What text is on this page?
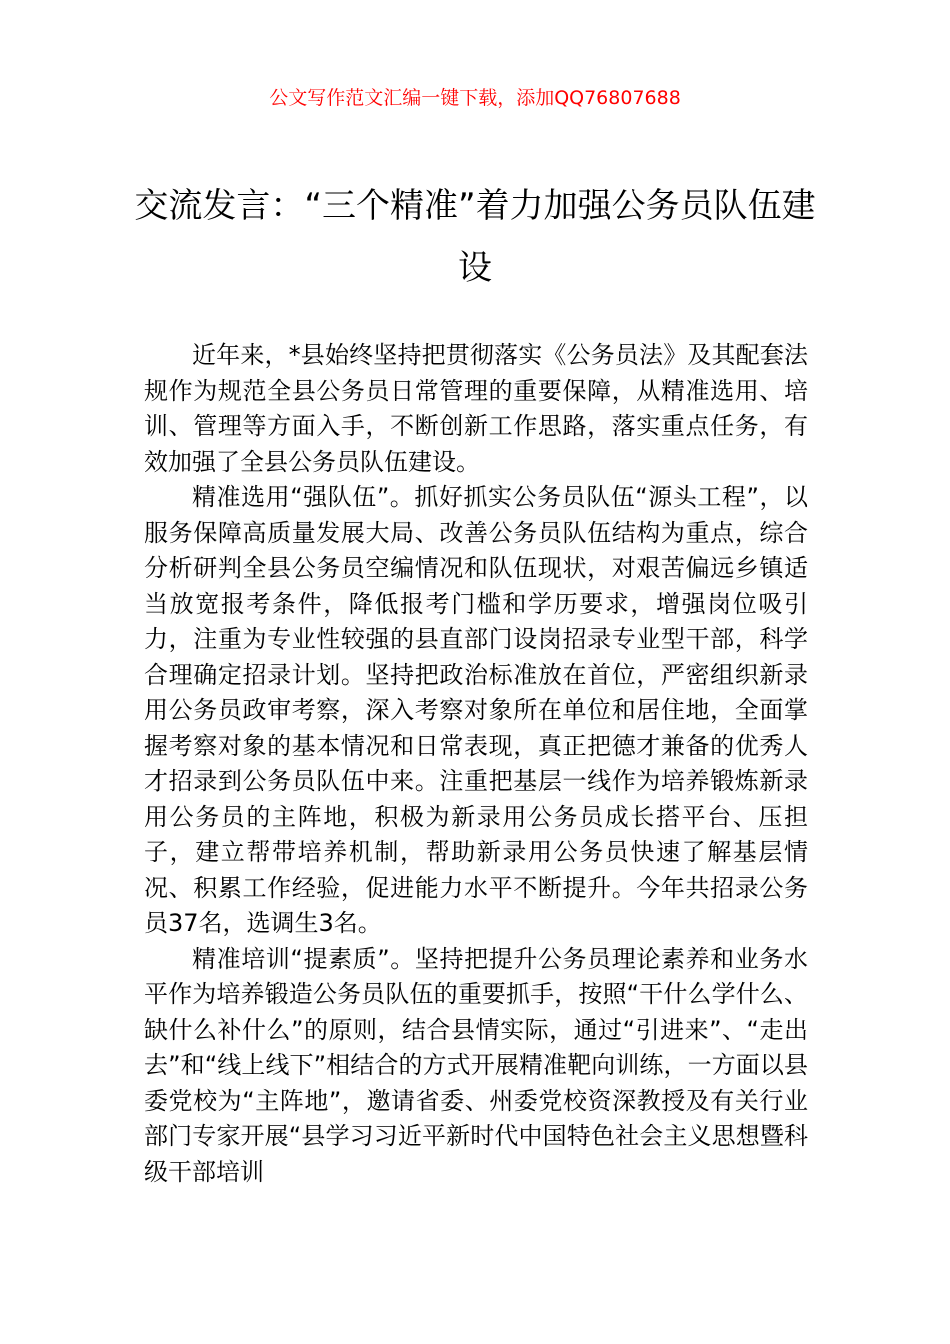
公文写作范文汇编一键下载，添加QQ76807688
交流发言：“三个精准”着力加强公务员队伍建设

近年来，*县始终坚持把贯彻落实《公务员法》及其配套法规作为规范全县公务员日常管理的重要保障，从精准选用、培训、管理等方面入手，不断创新工作思路，落实重点任务，有效加强了全县公务员队伍建设。

精准选用“强队伍”。抓好抓实公务员队伍“源头工程”，以服务保障高质量发展大局、改善公务员队伍结构为重点，综合分析研判全县公务员空编情况和队伍现状，对艰苦偏远乡镇适当放宽报考条件，降低报考门槛和学历要求，增强岗位吸引力，注重为专业性较强的县直部门设岗招录专业型干部，科学合理确定招录计划。坚持把政治标准放在首位，严密组织新录用公务员政审考察，深入考察对象所在单位和居住地，全面掌握考察对象的基本情况和日常表现，真正把德才兼备的优秀人才招录到公务员队伍中来。注重把基层一线作为培养锻炼新录用公务员的主阵地，积极为新录用公务员成长搭平台、压担子，建立帮带培养机制，帮助新录用公务员快速了解基层情况、积累工作经验，促进能力水平不断提升。今年共招录公务员37名，选调生3名。

精准培训“提素质”。坚持把提升公务员理论素养和业务水平作为培养锻造公务员队伍的重要抓手，按照“干什么学什么、缺什么补什么”的原则，结合县情实际，通过“引进来”、“走出去”和“线上线下”相结合的方式开展精准靶向训练，一方面以县委党校为“主阵地”，邀请省委、州委党校资深教授及有关行业部门专家开展“县学习习近平新时代中国特色社会主义思想暨科级干部培训
